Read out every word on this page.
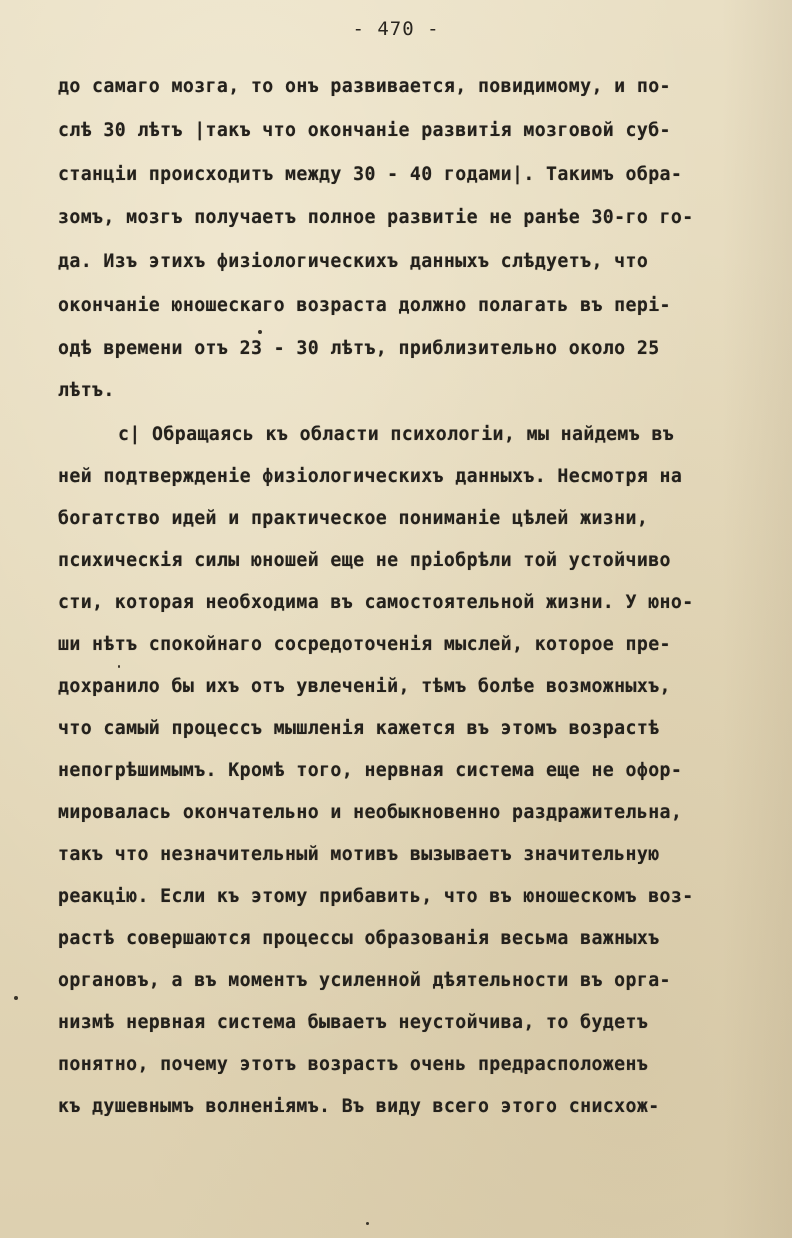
- 470 -
до самаго мозга, то онъ развивается, повидимому, и по-
слѣ 30 лѣтъ |такъ что окончанiе развитiя мозговой суб-
станцiи происходитъ между 30 - 40 годами|. Такимъ обра-
зомъ, мозгъ получаетъ полное развитiе не ранѣе 30-го го-
да. Изъ этихъ физiологическихъ данныхъ слѣдуетъ, что
окончанiе юношескаго возраста должно полагать въ перi-
одѣ времени отъ 23 - 30 лѣтъ, приблизительно около 25
лѣтъ.
c| Обращаясь къ области психологiи, мы найдемъ въ
ней подтвержденiе физiологическихъ данныхъ. Несмотря на
богатство идей и практическое пониманiе цѣлей жизни,
психическiя силы юношей еще не прiобрѣли той устойчиво
сти, которая необходима въ самостоятельной жизни. У юно-
ши нѣтъ спокойнаго сосредоточенiя мыслей, которое пре-
дохранило бы ихъ отъ увлеченiй, тѣмъ болѣе возможныхъ,
что самый процессъ мышленiя кажется въ этомъ возрастѣ
непогрѣшимымъ. Кромѣ того, нервная система еще не офор-
мировалась окончательно и необыкновенно раздражительна,
такъ что незначительный мотивъ вызываетъ значительную
реакцiю. Если къ этому прибавить, что въ юношескомъ воз-
растѣ совершаются процессы образованiя весьма важныхъ
органовъ, а въ моментъ усиленной дѣятельности въ орга-
низмѣ нервная система бываетъ неустойчива, то будетъ
понятно, почему этотъ возрастъ очень предрасположенъ
къ душевнымъ волненiямъ. Въ виду всего этого снисхож-
